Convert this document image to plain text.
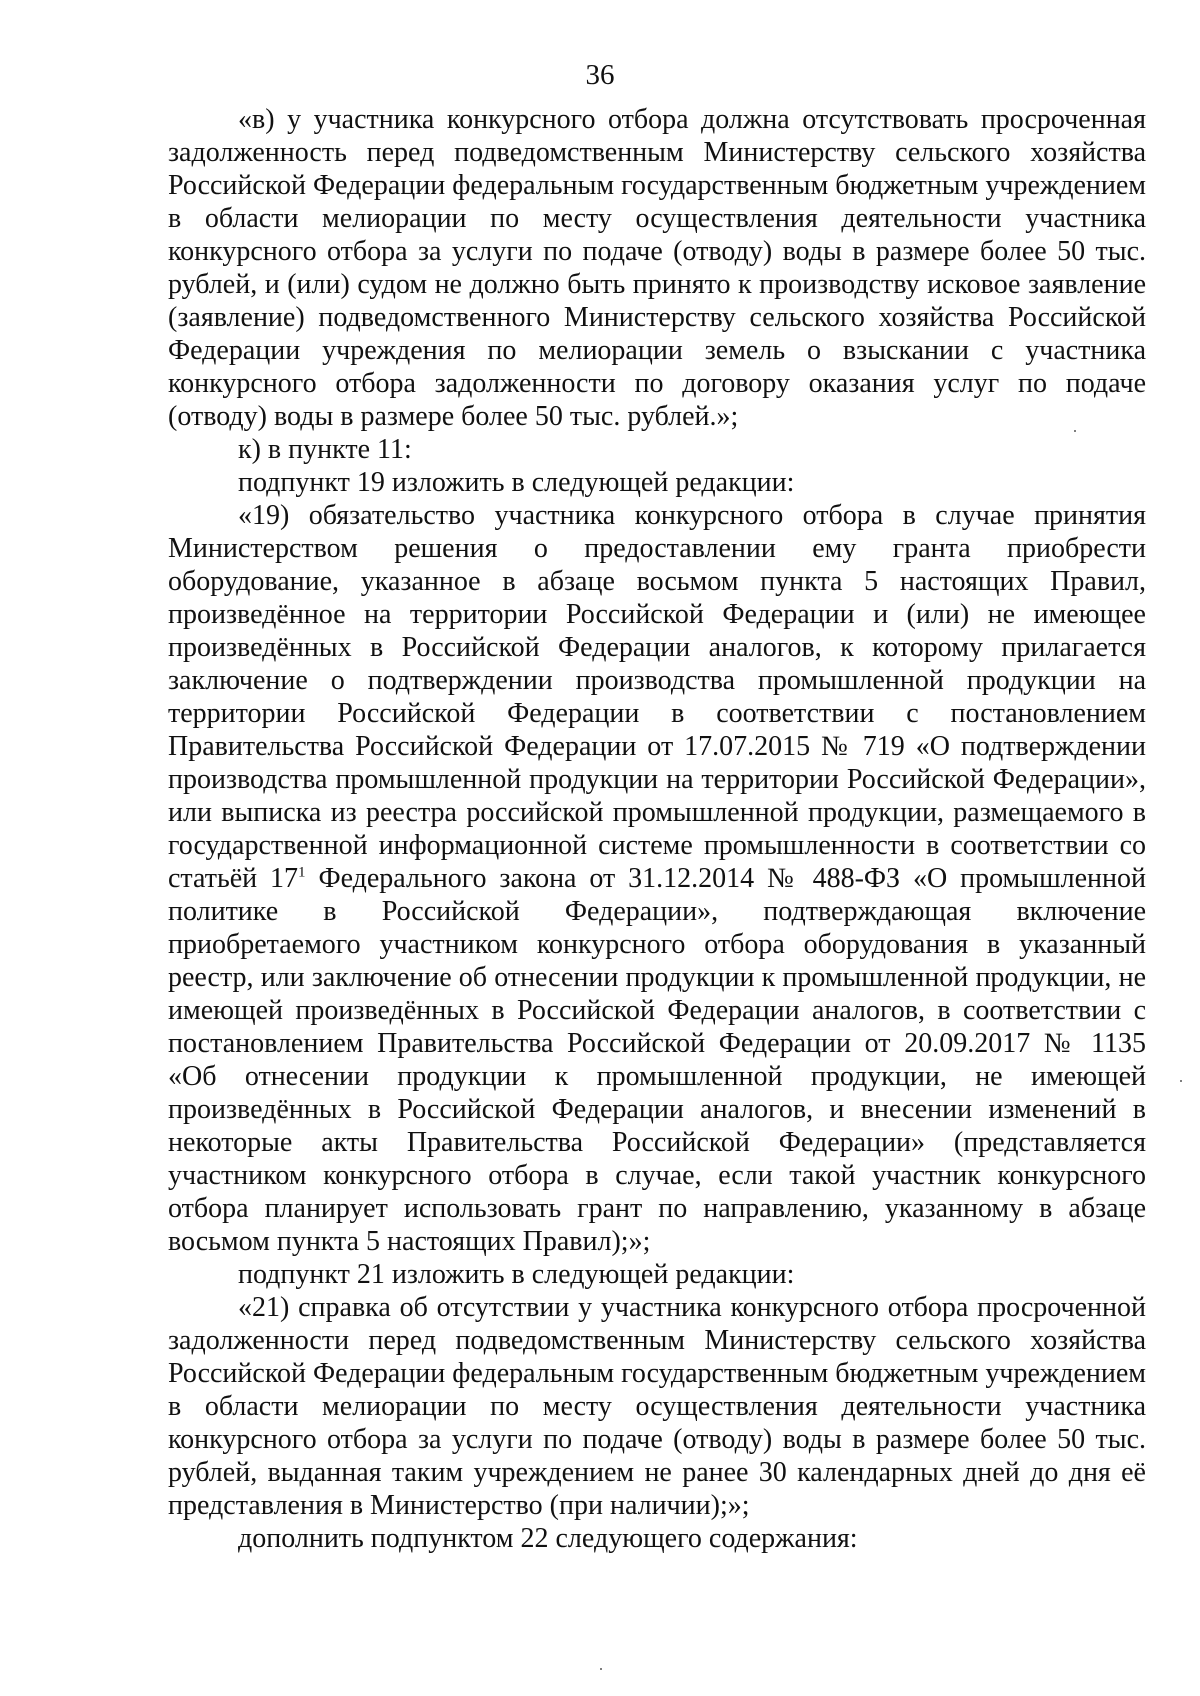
36

«в) у участника конкурсного отбора должна отсутствовать просроченная задолженность перед подведомственным Министерству сельского хозяйства Российской Федерации федеральным государственным бюджетным учреждением в области мелиорации по месту осуществления деятельности участника конкурсного отбора за услуги по подаче (отводу) воды в размере более 50 тыс. рублей, и (или) судом не должно быть принято к производству исковое заявление (заявление) подведомственного Министерству сельского хозяйства Российской Федерации учреждения по мелиорации земель о взыскании с участника конкурсного отбора задолженности по договору оказания услуг по подаче (отводу) воды в размере более 50 тыс. рублей.»;

к) в пункте 11:

подпункт 19 изложить в следующей редакции:

«19) обязательство участника конкурсного отбора в случае принятия Министерством решения о предоставлении ему гранта приобрести оборудование, указанное в абзаце восьмом пункта 5 настоящих Правил, произведённое на территории Российской Федерации и (или) не имеющее произведённых в Российской Федерации аналогов, к которому прилагается заключение о подтверждении производства промышленной продукции на территории Российской Федерации в соответствии с постановлением Правительства Российской Федерации от 17.07.2015 № 719 «О подтверждении производства промышленной продукции на территории Российской Федерации», или выписка из реестра российской промышленной продукции, размещаемого в государственной информационной системе промышленности в соответствии со статьёй $17^1$ Федерального закона от 31.12.2014 № 488-ФЗ «О промышленной политике в Российской Федерации», подтверждающая включение приобретаемого участником конкурсного отбора оборудования в указанный реестр, или заключение об отнесении продукции к промышленной продукции, не имеющей произведённых в Российской Федерации аналогов, в соответствии с постановлением Правительства Российской Федерации от 20.09.2017 № 1135 «Об отнесении продукции к промышленной продукции, не имеющей произведённых в Российской Федерации аналогов, и внесении изменений в некоторые акты Правительства Российской Федерации» (представляется участником конкурсного отбора в случае, если такой участник конкурсного отбора планирует использовать грант по направлению, указанному в абзаце восьмом пункта 5 настоящих Правил);»;

подпункт 21 изложить в следующей редакции:

«21) справка об отсутствии у участника конкурсного отбора просроченной задолженности перед подведомственным Министерству сельского хозяйства Российской Федерации федеральным государственным бюджетным учреждением в области мелиорации по месту осуществления деятельности участника конкурсного отбора за услуги по подаче (отводу) воды в размере более 50 тыс. рублей, выданная таким учреждением не ранее 30 календарных дней до дня её представления в Министерство (при наличии);»;

дополнить подпунктом 22 следующего содержания:
